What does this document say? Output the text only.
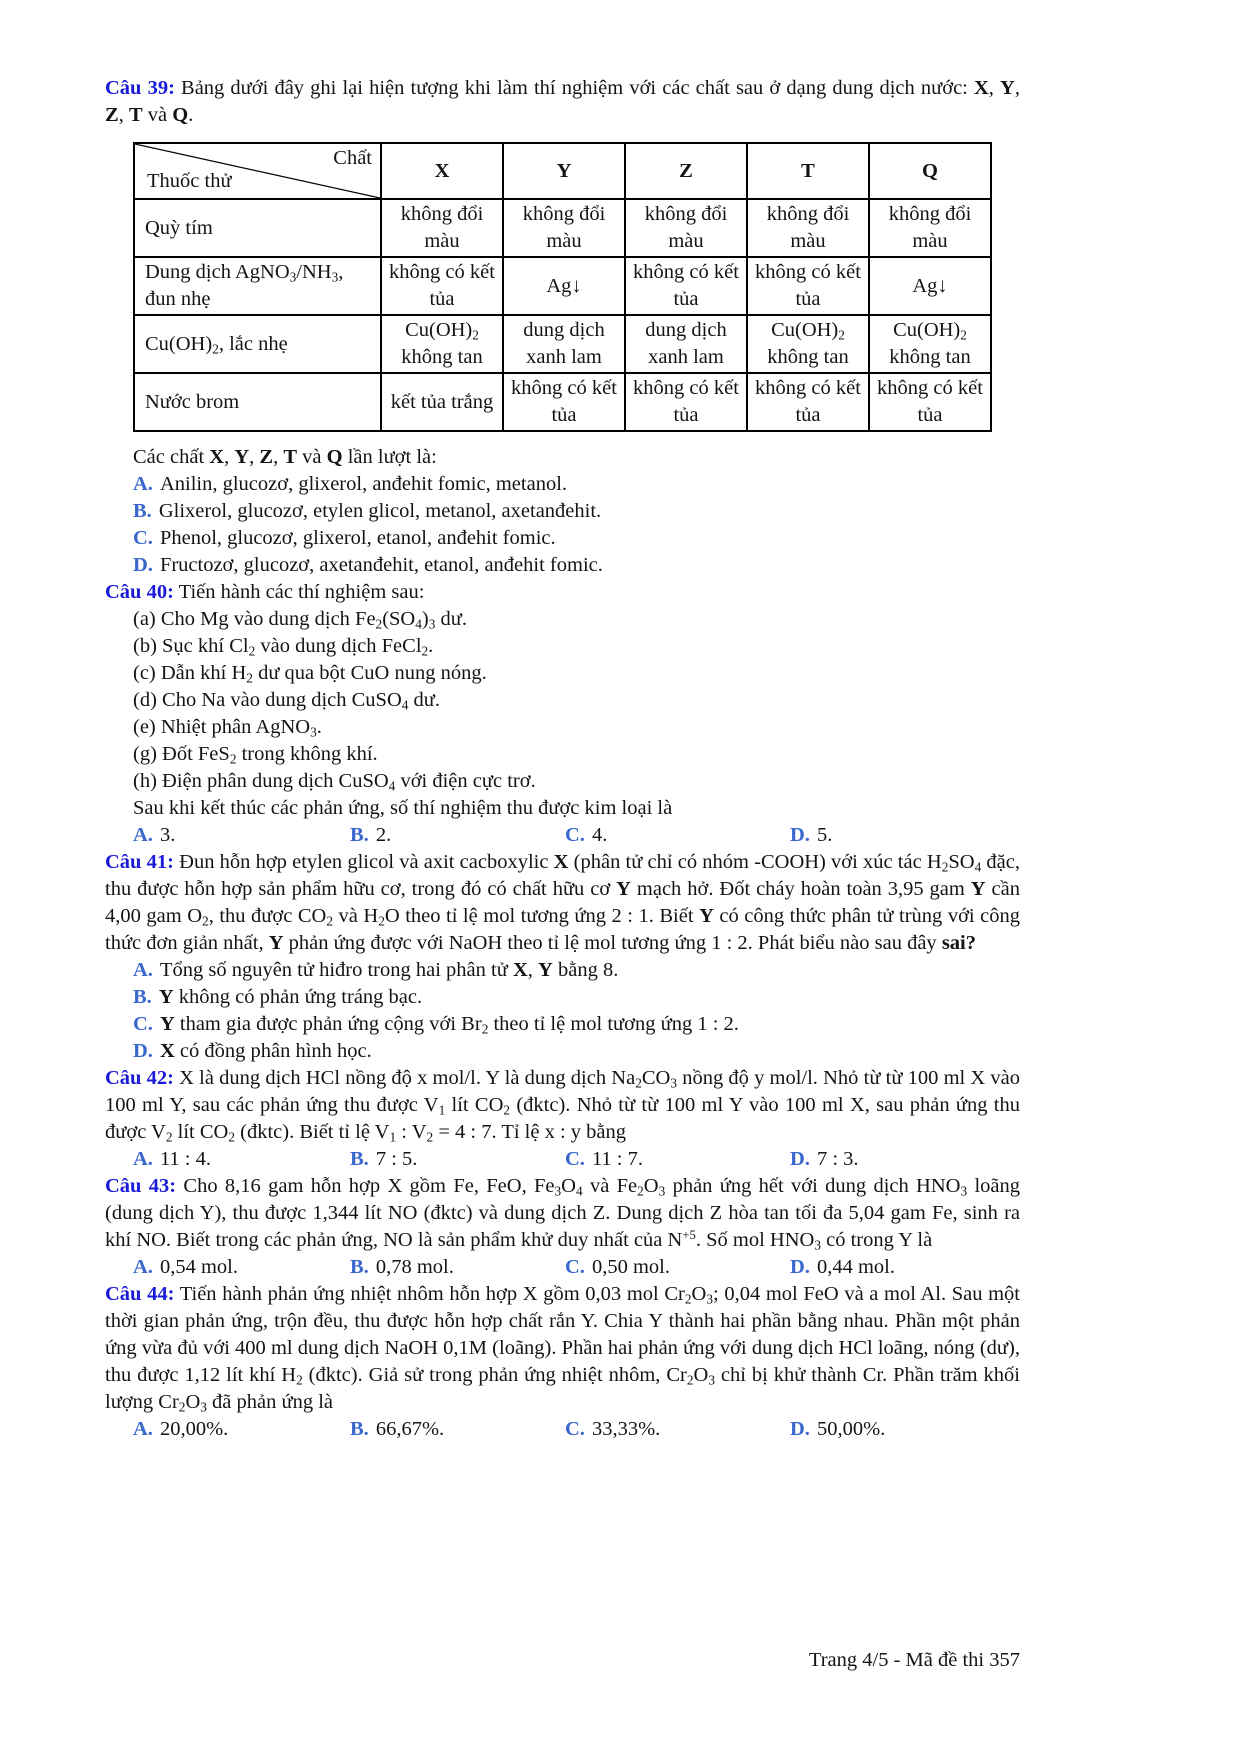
Câu 39: Bảng dưới đây ghi lại hiện tượng khi làm thí nghiệm với các chất sau ở dạng dung dịch nước: X, Y, Z, T và Q.

Chất
Thuốc thử	X	Y	Z	T	Q
Quỳ tím	không đổi màu	không đổi màu	không đổi màu	không đổi màu	không đổi màu
Dung dịch $AgNO_3/NH_3$, đun nhẹ	không có kết tủa	Ag↓	không có kết tủa	không có kết tủa	Ag↓
$Cu(OH)_2$, lắc nhẹ	$Cu(OH)_2$ không tan	dung dịch xanh lam	dung dịch xanh lam	$Cu(OH)_2$ không tan	$Cu(OH)_2$ không tan
Nước brom	kết tủa trắng	không có kết tủa	không có kết tủa	không có kết tủa	không có kết tủa

Các chất X, Y, Z, T và Q lần lượt là:

A. Anilin, glucozơ, glixerol, anđehit fomic, metanol.

B. Glixerol, glucozơ, etylen glicol, metanol, axetanđehit.

C. Phenol, glucozơ, glixerol, etanol, anđehit fomic.

D. Fructozơ, glucozơ, axetanđehit, etanol, anđehit fomic.

Câu 40: Tiến hành các thí nghiệm sau:

(a) Cho Mg vào dung dịch $Fe_2(SO_4)_3$ dư.

(b) Sục khí $Cl_2$ vào dung dịch FeCl$_2$.

(c) Dẫn khí $H_2$ dư qua bột CuO nung nóng.

(d) Cho Na vào dung dịch CuSO$_4$ dư.

(e) Nhiệt phân AgNO$_3$.

(g) Đốt FeS$_2$ trong không khí.

(h) Điện phân dung dịch CuSO$_4$ với điện cực trơ.

Sau khi kết thúc các phản ứng, số thí nghiệm thu được kim loại là

A. 3.	B. 2.	C. 4.	D. 5.

Câu 41: Đun hỗn hợp etylen glicol và axit cacboxylic X (phân tử chỉ có nhóm -COOH) với xúc tác $H_2SO_4$ đặc, thu được hỗn hợp sản phẩm hữu cơ, trong đó có chất hữu cơ Y mạch hở. Đốt cháy hoàn toàn 3,95 gam Y cần 4,00 gam $O_2$, thu được $CO_2$ và $H_2O$ theo tỉ lệ mol tương ứng 2 : 1. Biết Y có công thức phân tử trùng với công thức đơn giản nhất, Y phản ứng được với NaOH theo tỉ lệ mol tương ứng 1 : 2. Phát biểu nào sau đây sai?

A. Tổng số nguyên tử hiđro trong hai phân tử X, Y bằng 8.

B. Y không có phản ứng tráng bạc.

C. Y tham gia được phản ứng cộng với $Br_2$ theo tỉ lệ mol tương ứng 1 : 2.

D. X có đồng phân hình học.

Câu 42: X là dung dịch HCl nồng độ x mol/l. Y là dung dịch $Na_2CO_3$ nồng độ y mol/l. Nhỏ từ từ 100 ml X vào 100 ml Y, sau các phản ứng thu được $V_1$ lít $CO_2$ (đktc). Nhỏ từ từ 100 ml Y vào 100 ml X, sau phản ứng thu được $V_2$ lít $CO_2$ (đktc). Biết tỉ lệ $V_1$ : $V_2 = 4$ : 7. Tỉ lệ x : y bằng

A. 11 : 4.	B. 7 : 5.	C. 11 : 7.	D. 7 : 3.

Câu 43: Cho 8,16 gam hỗn hợp X gồm Fe, FeO, $Fe_3O_4$ và $Fe_2O_3$ phản ứng hết với dung dịch $HNO_3$ loãng (dung dịch Y), thu được 1,344 lít NO (đktc) và dung dịch Z. Dung dịch Z hòa tan tối đa 5,04 gam Fe, sinh ra khí NO. Biết trong các phản ứng, NO là sản phẩm khử duy nhất của $N^{+5}$. Số mol $HNO_3$ có trong Y là

A. 0,54 mol.	B. 0,78 mol.	C. 0,50 mol.	D. 0,44 mol.

Câu 44: Tiến hành phản ứng nhiệt nhôm hỗn hợp X gồm 0,03 mol $Cr_2O_3$; 0,04 mol FeO và a mol Al. Sau một thời gian phản ứng, trộn đều, thu được hỗn hợp chất rắn Y. Chia Y thành hai phần bằng nhau. Phần một phản ứng vừa đủ với 400 ml dung dịch NaOH 0,1M (loãng). Phần hai phản ứng với dung dịch HCl loãng, nóng (dư), thu được 1,12 lít khí $H_2$ (đktc). Giả sử trong phản ứng nhiệt nhôm, $Cr_2O_3$ chỉ bị khử thành Cr. Phần trăm khối lượng $Cr_2O_3$ đã phản ứng là

A. 20,00%.	B. 66,67%.	C. 33,33%.	D. 50,00%.
Trang 4/5 - Mã đề thi 357
